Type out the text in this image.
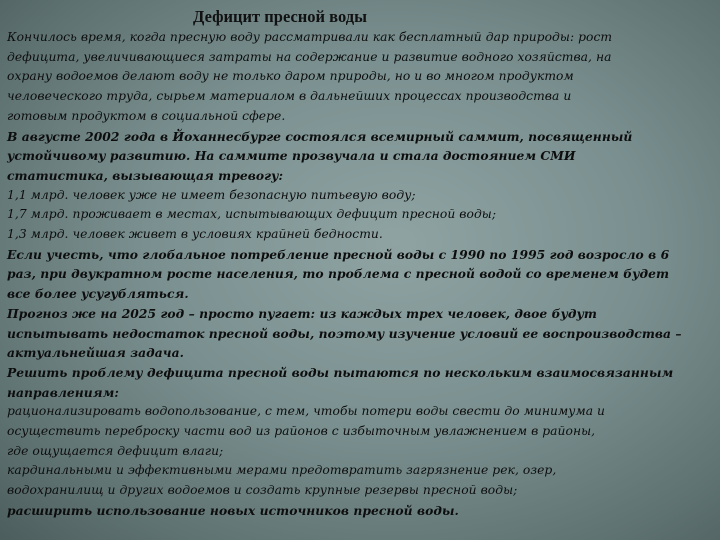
Дефицит пресной воды
Кончилось время, когда пресную воду рассматривали как бесплатный дар природы: рост
дефицита, увеличивающиеся затраты на содержание и развитие водного хозяйства, на
охрану водоемов делают воду не только даром природы, но и во многом продуктом
человеческого труда, сырьем материалом в дальнейших процессах производства и
готовым продуктом в социальной сфере.
В августе 2002 года в Йоханнесбурге состоялся всемирный саммит, посвященный
устойчивому развитию. На саммите прозвучала и стала достоянием СМИ
статистика, вызывающая тревогу:
1,1 млрд. человек уже не имеет безопасную питьевую воду;
1,7 млрд. проживает в местах, испытывающих дефицит пресной воды;
1,3 млрд. человек живет в условиях крайней бедности.
Если учесть, что глобальное потребление пресной воды с 1990 по 1995 год возросло в 6
раз, при двукратном росте населения, то проблема с пресной водой со временем будет
все более усугубляться.
Прогноз же на 2025 год – просто пугает: из каждых трех человек, двое будут
испытывать недостаток пресной воды, поэтому изучение условий ее воспроизводства –
актуальнейшая задача.
Решить проблему дефицита пресной воды пытаются по нескольким взаимосвязанным
направлениям:
рационализировать водопользование, с тем, чтобы потери воды свести до минимума и
осуществить переброску части вод из районов с избыточным увлажнением в районы,
где ощущается дефицит влаги;
кардинальными и эффективными мерами предотвратить загрязнение рек, озер,
водохранилищ и других водоемов и создать крупные резервы пресной воды;
расширить использование новых источников пресной воды.
